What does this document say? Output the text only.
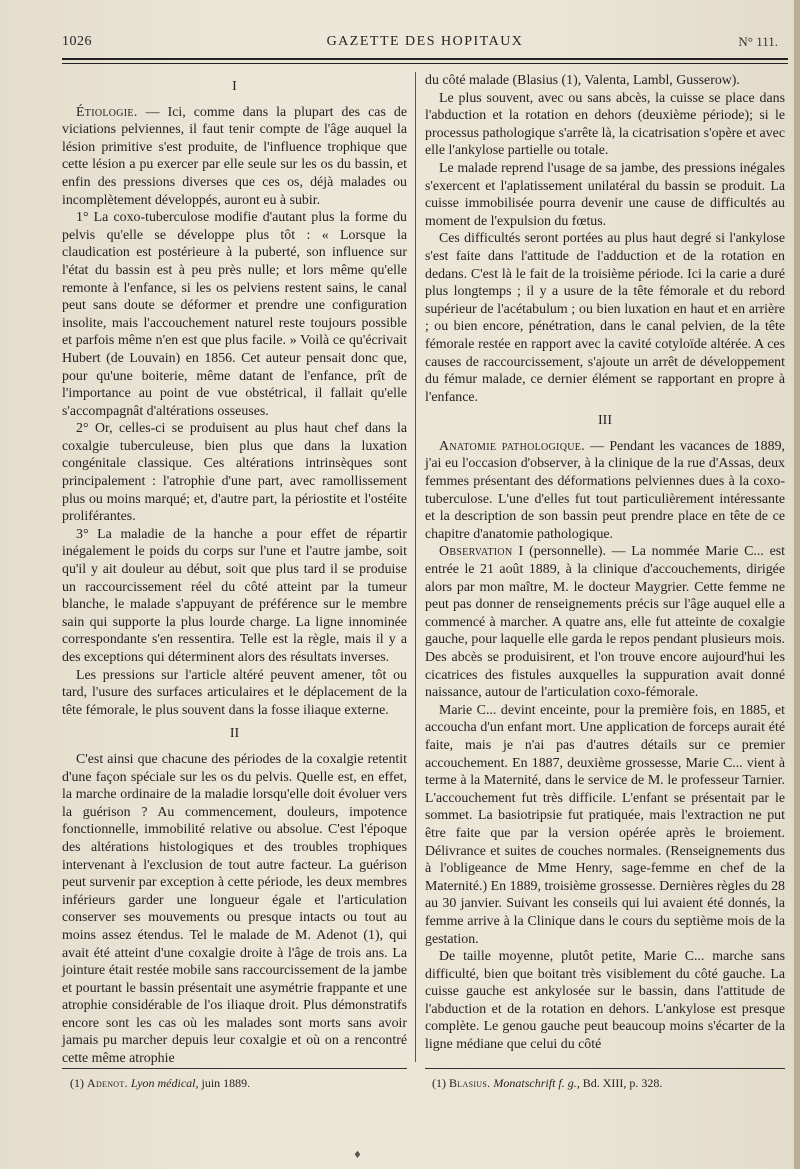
1026	GAZETTE DES HOPITAUX	N° 111.
I

Étiologie. — Ici, comme dans la plupart des cas de viciations pelviennes, il faut tenir compte de l'âge auquel la lésion primitive s'est produite, de l'influence trophique que cette lésion a pu exercer par elle seule sur les os du bassin, et enfin des pressions diverses que ces os, déjà malades ou incomplètement développés, auront eu à subir.

1° La coxo-tuberculose modifie d'autant plus la forme du pelvis qu'elle se développe plus tôt : « Lorsque la claudication est postérieure à la puberté, son influence sur l'état du bassin est à peu près nulle; et lors même qu'elle remonte à l'enfance, si les os pelviens restent sains, le canal peut sans doute se déformer et prendre une configuration insolite, mais l'accouchement naturel reste toujours possible et parfois même n'en est que plus facile. » Voilà ce qu'écrivait Hubert (de Louvain) en 1856. Cet auteur pensait donc que, pour qu'une boiterie, même datant de l'enfance, prît de l'importance au point de vue obstétrical, il fallait qu'elle s'accompagnât d'altérations osseuses.

2° Or, celles-ci se produisent au plus haut chef dans la coxalgie tuberculeuse, bien plus que dans la luxation congénitale classique. Ces altérations intrinsèques sont principalement : l'atrophie d'une part, avec ramollissement plus ou moins marqué; et, d'autre part, la périostite et l'ostéite proliférantes.

3° La maladie de la hanche a pour effet de répartir inégalement le poids du corps sur l'une et l'autre jambe, soit qu'il y ait douleur au début, soit que plus tard il se produise un raccourcissement réel du côté atteint par la tumeur blanche, le malade s'appuyant de préférence sur le membre sain qui supporte la plus lourde charge. La ligne innominée correspondante s'en ressentira. Telle est la règle, mais il y a des exceptions qui déterminent alors des résultats inverses.

Les pressions sur l'article altéré peuvent amener, tôt ou tard, l'usure des surfaces articulaires et le déplacement de la tête fémorale, le plus souvent dans la fosse iliaque externe.

II

C'est ainsi que chacune des périodes de la coxalgie retentit d'une façon spéciale sur les os du pelvis. Quelle est, en effet, la marche ordinaire de la maladie lorsqu'elle doit évoluer vers la guérison ? Au commencement, douleurs, impotence fonctionnelle, immobilité relative ou absolue. C'est l'époque des altérations histologiques et des troubles trophiques intervenant à l'exclusion de tout autre facteur. La guérison peut survenir par exception à cette période, les deux membres inférieurs garder une longueur égale et l'articulation conserver ses mouvements ou presque intacts ou tout au moins assez étendus. Tel le malade de M. Adenot (1), qui avait été atteint d'une coxalgie droite à l'âge de trois ans. La jointure était restée mobile sans raccourcissement de la jambe et pourtant le bassin présentait une asymétrie frappante et une atrophie considérable de l'os iliaque droit. Plus démonstratifs encore sont les cas où les malades sont morts sans avoir jamais pu marcher depuis leur coxalgie et où on a rencontré cette même atrophie

du côté malade (Blasius (1), Valenta, Lambl, Gusserow).

Le plus souvent, avec ou sans abcès, la cuisse se place dans l'abduction et la rotation en dehors (deuxième période); si le processus pathologique s'arrête là, la cicatrisation s'opère et avec elle l'ankylose partielle ou totale.

Le malade reprend l'usage de sa jambe, des pressions inégales s'exercent et l'aplatissement unilatéral du bassin se produit. La cuisse immobilisée pourra devenir une cause de difficultés au moment de l'expulsion du fœtus.

Ces difficultés seront portées au plus haut degré si l'ankylose s'est faite dans l'attitude de l'adduction et de la rotation en dedans. C'est là le fait de la troisième période. Ici la carie a duré plus longtemps ; il y a usure de la tête fémorale et du rebord supérieur de l'acétabulum ; ou bien luxation en haut et en arrière ; ou bien encore, pénétration, dans le canal pelvien, de la tête fémorale restée en rapport avec la cavité cotyloïde altérée. A ces causes de raccourcissement, s'ajoute un arrêt de développement du fémur malade, ce dernier élément se rapportant en propre à l'enfance.

III

Anatomie pathologique. — Pendant les vacances de 1889, j'ai eu l'occasion d'observer, à la clinique de la rue d'Assas, deux femmes présentant des déformations pelviennes dues à la coxo-tuberculose. L'une d'elles fut tout particulièrement intéressante et la description de son bassin peut prendre place en tête de ce chapitre d'anatomie pathologique.

Observation I (personnelle). — La nommée Marie C... est entrée le 21 août 1889, à la clinique d'accouchements, dirigée alors par mon maître, M. le docteur Maygrier. Cette femme ne peut pas donner de renseignements précis sur l'âge auquel elle a commencé à marcher. A quatre ans, elle fut atteinte de coxalgie gauche, pour laquelle elle garda le repos pendant plusieurs mois. Des abcès se produisirent, et l'on trouve encore aujourd'hui les cicatrices des fistules auxquelles la suppuration avait donné naissance, autour de l'articulation coxo-fémorale.

Marie C... devint enceinte, pour la première fois, en 1885, et accoucha d'un enfant mort. Une application de forceps aurait été faite, mais je n'ai pas d'autres détails sur ce premier accouchement. En 1887, deuxième grossesse, Marie C... vient à terme à la Maternité, dans le service de M. le professeur Tarnier. L'accouchement fut très difficile. L'enfant se présentait par le sommet. La basiotripsie fut pratiquée, mais l'extraction ne put être faite que par la version opérée après le broiement. Délivrance et suites de couches normales. (Renseignements dus à l'obligeance de Mme Henry, sage-femme en chef de la Maternité.) En 1889, troisième grossesse. Dernières règles du 28 au 30 janvier. Suivant les conseils qui lui avaient été donnés, la femme arrive à la Clinique dans le cours du septième mois de la gestation.

De taille moyenne, plutôt petite, Marie C... marche sans difficulté, bien que boitant très visiblement du côté gauche. La cuisse gauche est ankylosée sur le bassin, dans l'attitude de l'abduction et de la rotation en dehors. L'ankylose est presque complète. Le genou gauche peut beaucoup moins s'écarter de la ligne médiane que celui du côté

(1) Adenot. Lyon médical, juin 1889.	(1) Blasius. Monatschrift f. g., Bd. XIII, p. 328.
♦
